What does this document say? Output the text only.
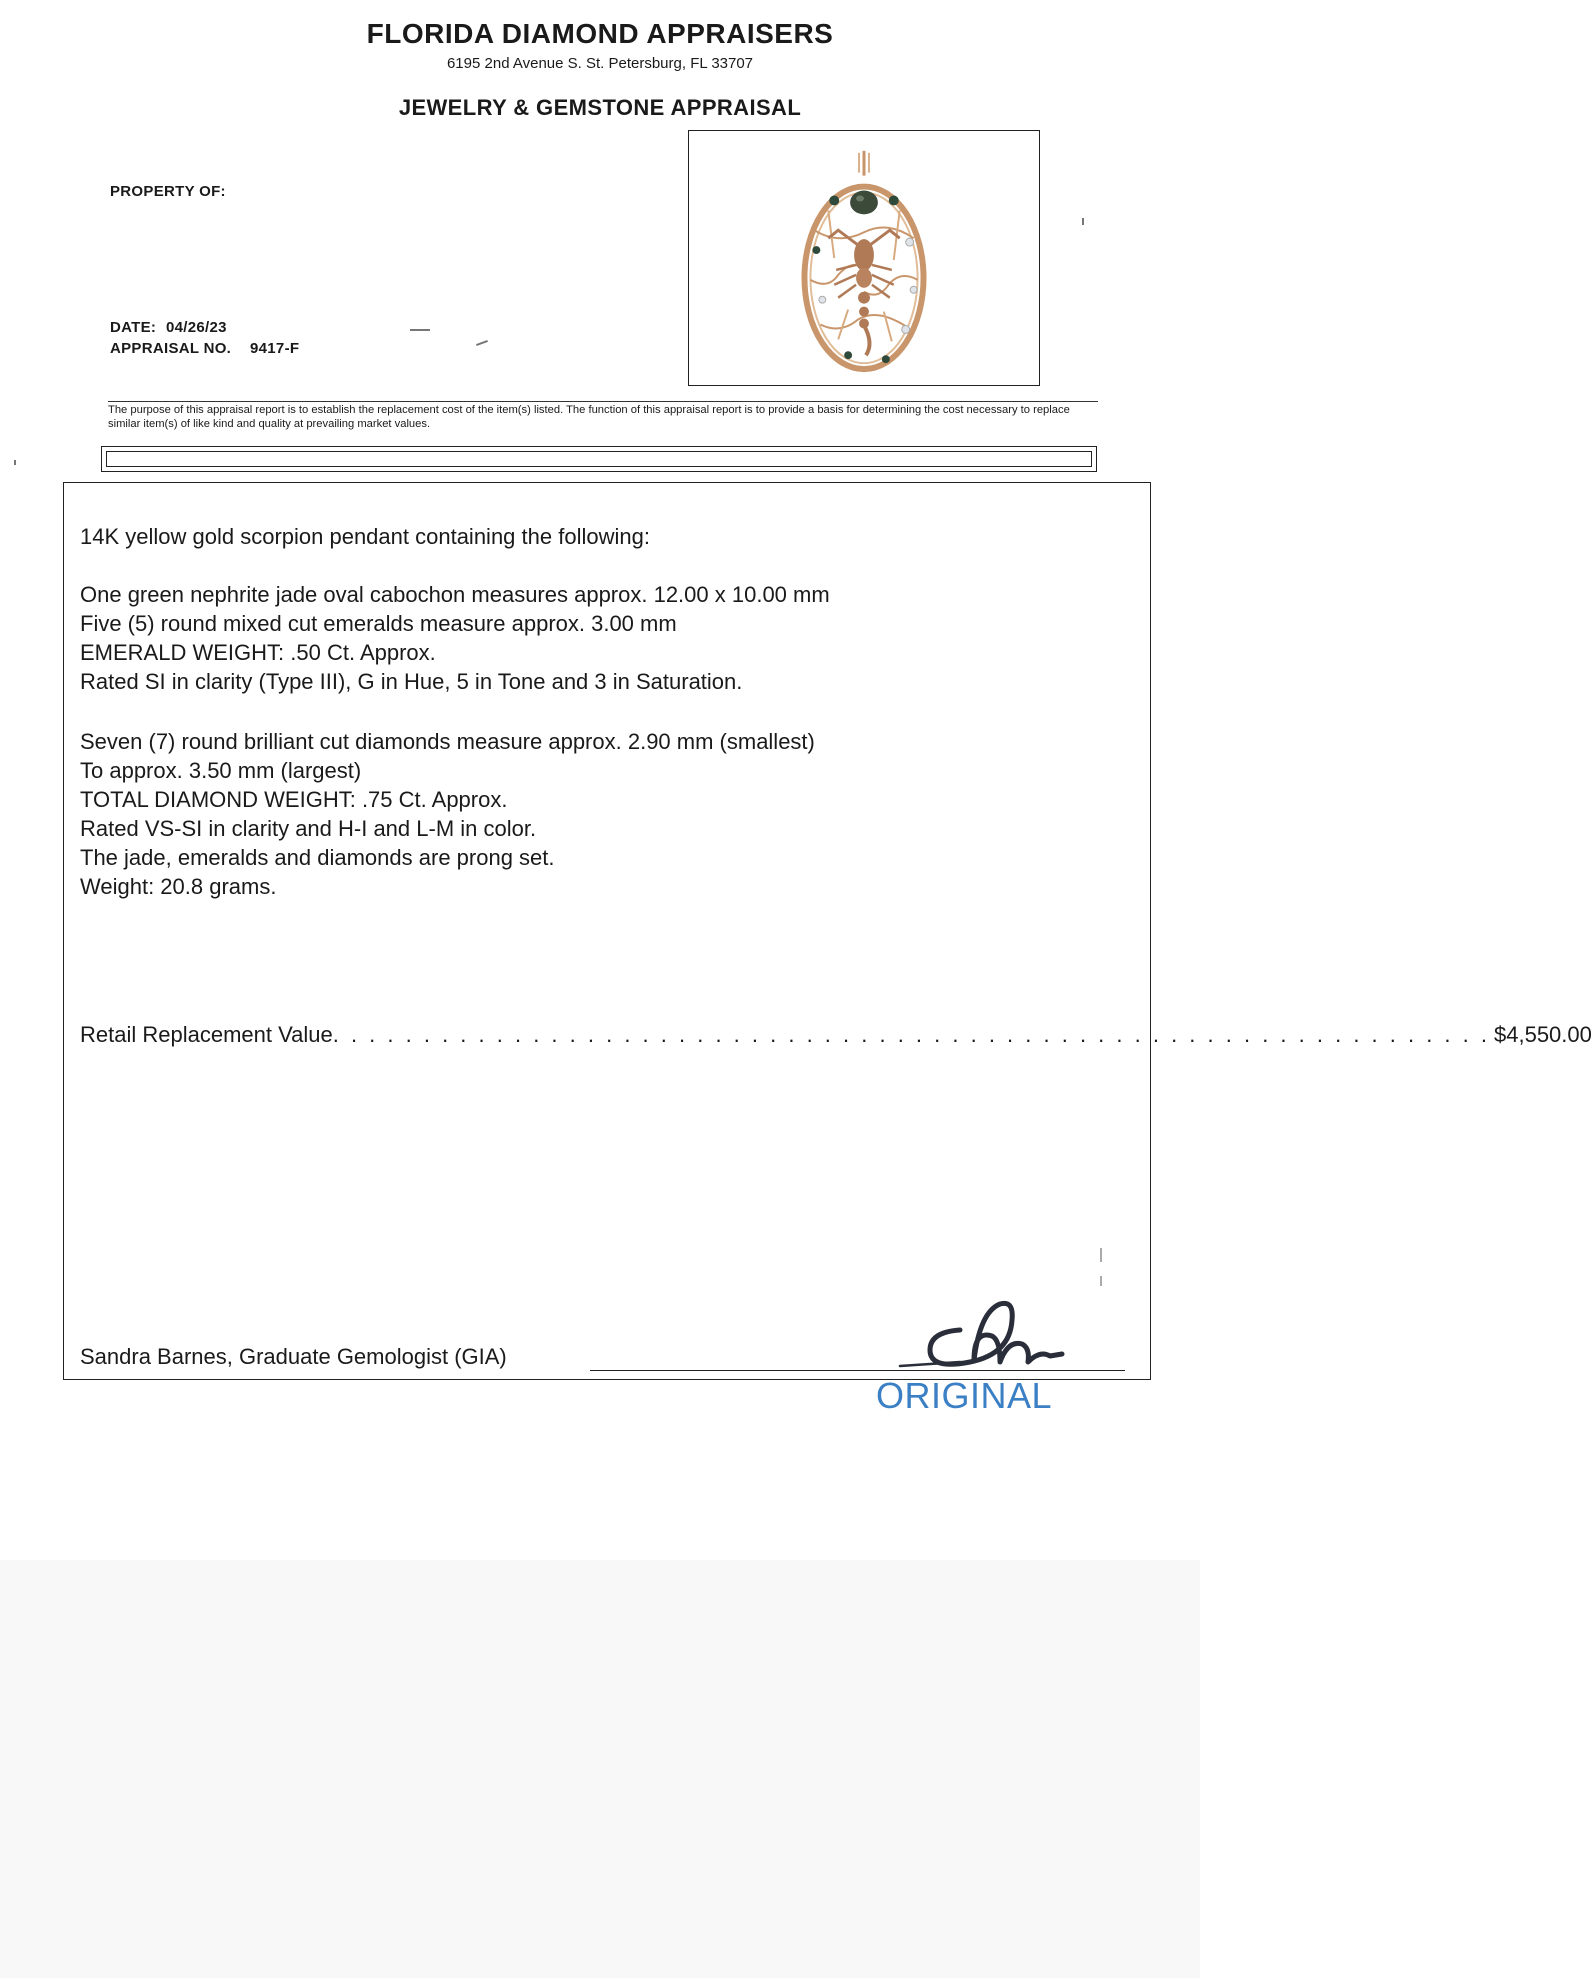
FLORIDA DIAMOND APPRAISERS
6195 2nd Avenue S. St. Petersburg, FL 33707
JEWELRY & GEMSTONE APPRAISAL
PROPERTY OF:
DATE: 04/26/23
APPRAISAL NO. 9417-F
The purpose of this appraisal report is to establish the replacement cost of the item(s) listed. The function of this appraisal report is to provide a basis for determining the cost necessary to replace similar item(s) of like kind and quality at prevailing market values.
14K yellow gold scorpion pendant containing the following:
One green nephrite jade oval cabochon measures approx. 12.00 x 10.00 mm
Five (5) round mixed cut emeralds measure approx. 3.00 mm
EMERALD WEIGHT: .50 Ct. Approx.
Rated SI in clarity (Type III), G in Hue, 5 in Tone and 3 in Saturation.
Seven (7) round brilliant cut diamonds measure approx. 2.90 mm (smallest)
To approx. 3.50 mm (largest)
TOTAL DIAMOND WEIGHT: .75 Ct. Approx.
Rated VS-SI in clarity and H-I and L-M in color.
The jade, emeralds and diamonds are prong set.
Weight: 20.8 grams.
Retail Replacement Value . . . . . . . . . . . . . . . . . . . . . . . . . . . . . . . . . . . . . . . . . . . . . . . . . . . . . . . . . . . . . . . . $4,550.00
Sandra Barnes, Graduate Gemologist (GIA)
ORIGINAL
